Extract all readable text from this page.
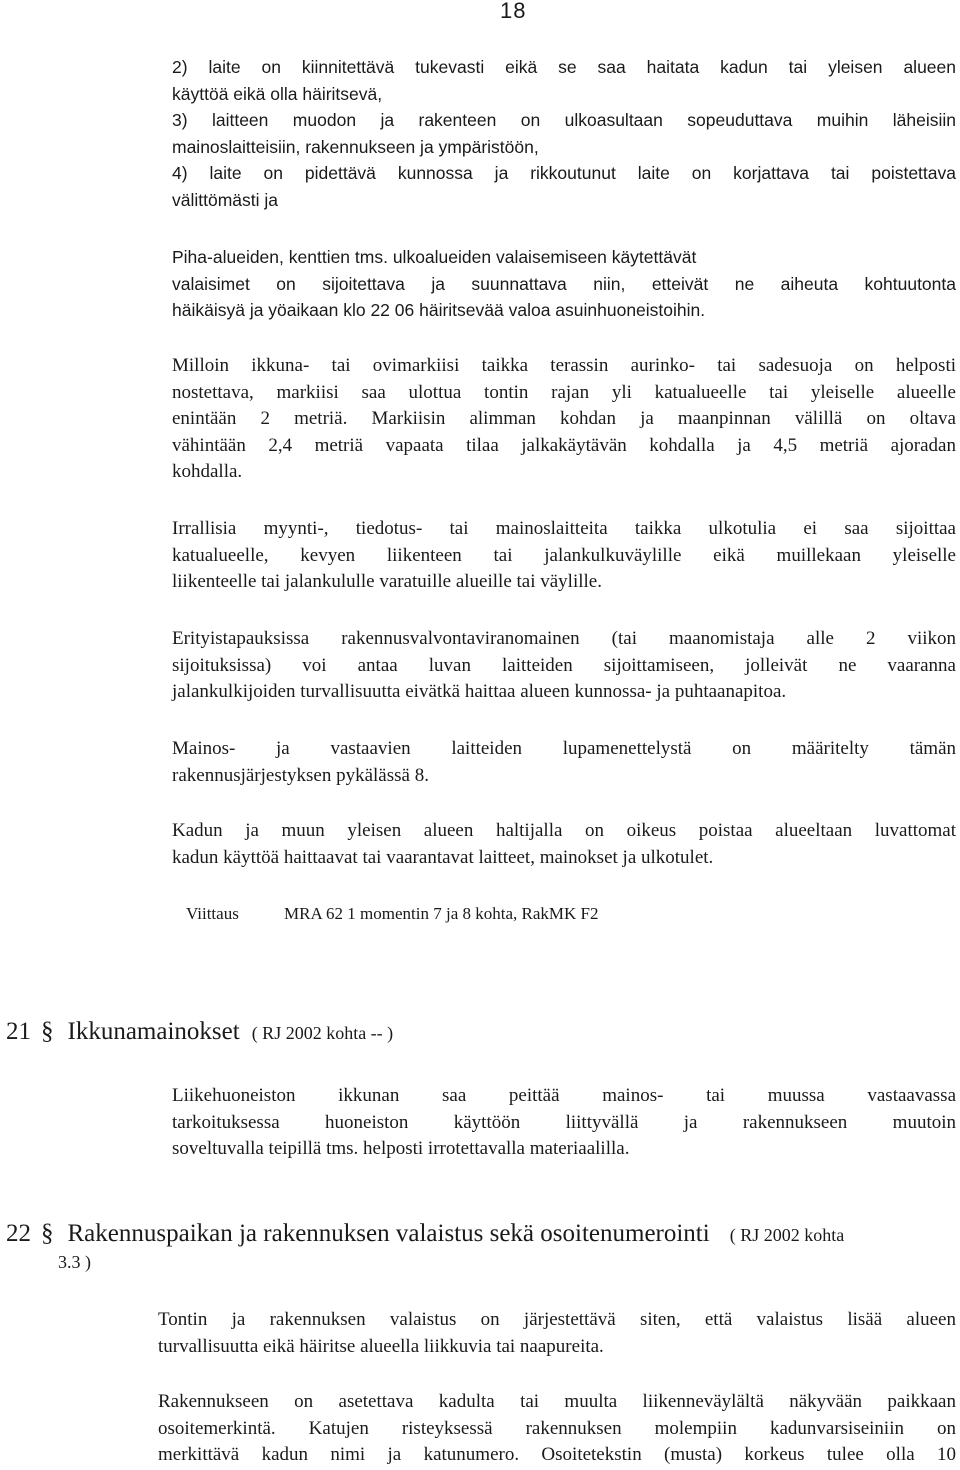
18
2) laite on kiinnitettävä tukevasti eikä se saa haitata kadun tai yleisen alueen
käyttöä eikä olla häiritsevä,
3) laitteen muodon ja rakenteen on ulkoasultaan sopeuduttava muihin läheisiin
mainoslaitteisiin, rakennukseen ja ympäristöön,
4) laite on pidettävä kunnossa ja rikkoutunut laite on korjattava tai poistettava
välittömästi ja
Piha-alueiden, kenttien tms. ulkoalueiden valaisemiseen käytettävät
valaisimet on sijoitettava ja suunnattava niin, etteivät ne aiheuta kohtuutonta
häikäisyä ja yöaikaan klo 22 06 häiritsevää valoa asuinhuoneistoihin.
Milloin ikkuna- tai ovimarkiisi taikka terassin aurinko- tai sadesuoja on helposti
nostettava, markiisi saa ulottua tontin rajan yli katualueelle tai yleiselle alueelle
enintään 2 metriä. Markiisin alimman kohdan ja maanpinnan välillä on oltava
vähintään 2,4 metriä vapaata tilaa jalkakäytävän kohdalla ja 4,5 metriä ajoradan
kohdalla.
Irrallisia myynti-, tiedotus- tai mainoslaitteita taikka ulkotulia ei saa sijoittaa
katualueelle, kevyen liikenteen tai jalankulkuväylille eikä muillekaan yleiselle
liikenteelle tai jalankululle varatuille alueille tai väylille.
Erityistapauksissa rakennusvalvontaviranomainen (tai maanomistaja alle 2 viikon
sijoituksissa) voi antaa luvan laitteiden sijoittamiseen, jolleivät ne vaaranna
jalankulkijoiden turvallisuutta eivätkä haittaa alueen kunnossa- ja puhtaanapitoa.
Mainos- ja vastaavien laitteiden lupamenettelystä on määritelty tämän
rakennusjärjestyksen pykälässä 8.
Kadun ja muun yleisen alueen haltijalla on oikeus poistaa alueeltaan luvattomat
kadun käyttöä haittaavat tai vaarantavat laitteet, mainokset ja ulkotulet.
Viittaus	MRA 62 1 momentin 7 ja 8 kohta, RakMK F2
21 § Ikkunamainokset ( RJ 2002 kohta -- )
Liikehuoneiston ikkunan saa peittää mainos- tai muussa vastaavassa
tarkoituksessa huoneiston käyttöön liittyvällä ja rakennukseen muutoin
soveltuvalla teipillä tms. helposti irrotettavalla materiaalilla.
22 § Rakennuspaikan ja rakennuksen valaistus sekä osoitenumerointi ( RJ 2002 kohta
3.3 )
Tontin ja rakennuksen valaistus on järjestettävä siten, että valaistus lisää alueen
turvallisuutta eikä häiritse alueella liikkuvia tai naapureita.
Rakennukseen on asetettava kadulta tai muulta liikenneväylältä näkyvään paikkaan
osoitemerkintä. Katujen risteyksessä rakennuksen molempiin kadunvarsiseiniin on
merkittävä kadun nimi ja katunumero. Osoitetekstin (musta) korkeus tulee olla 10
